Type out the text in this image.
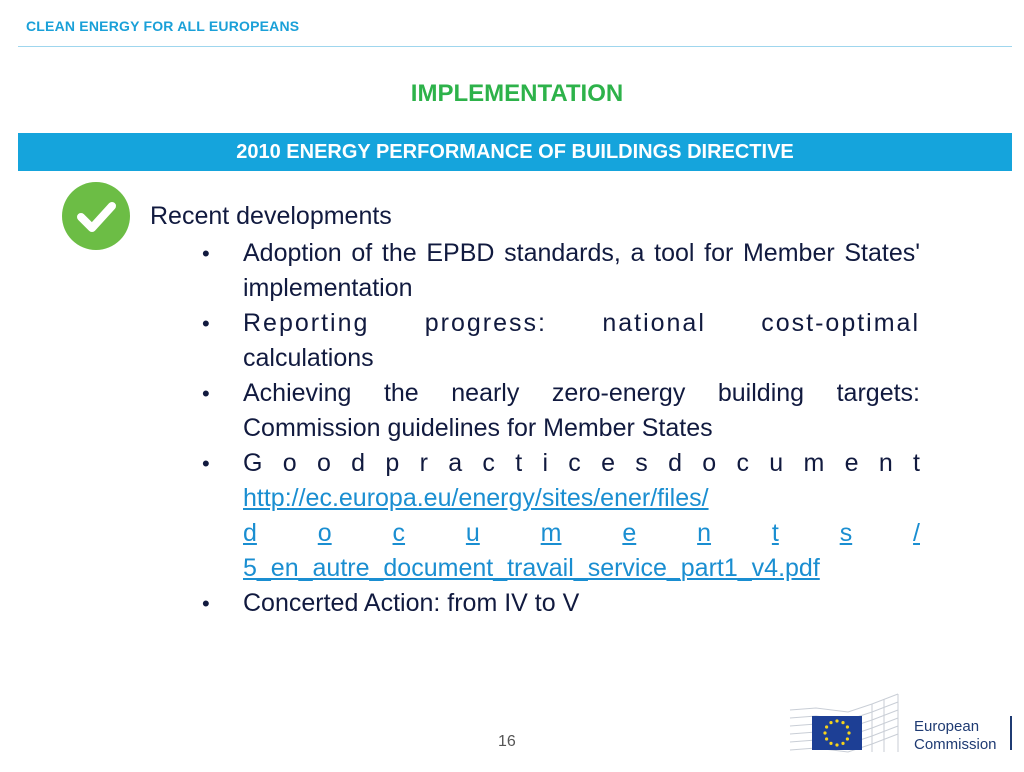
CLEAN ENERGY FOR ALL EUROPEANS
IMPLEMENTATION
2010 ENERGY PERFORMANCE OF BUILDINGS DIRECTIVE
Recent developments
• Adoption of the EPBD standards, a tool for Member States' implementation
• Reporting progress: national cost-optimal
calculations
• Achieving the nearly zero-energy building targets: Commission guidelines for Member States
• G o o d p r a c t i c e s d o c u m e n t
http://ec.europa.eu/energy/sites/ener/files/
d o c u m e n t s /
5_en_autre_document_travail_service_part1_v4.pdf
• Concerted Action: from IV to V
16
European
Commission
